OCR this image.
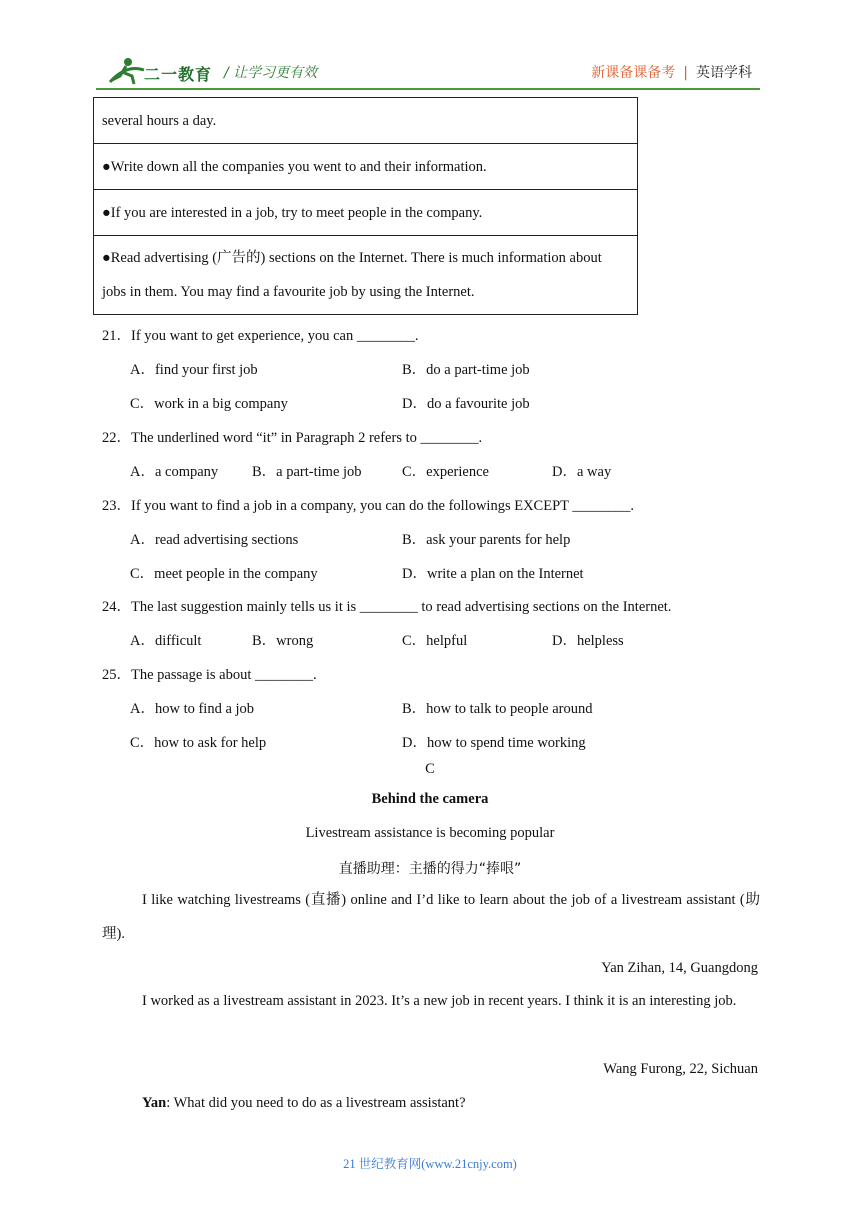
二一教育 / 让学习更有效	新课备课备考 | 英语学科
several hours a day.
●Write down all the companies you went to and their information.
●If you are interested in a job, try to meet people in the company.
●Read advertising (广告的) sections on the Internet. There is much information about jobs in them. You may find a favourite job by using the Internet.
21．If you want to get experience, you can ________.
A．find your first job	B．do a part-time job
C．work in a big company	D．do a favourite job
22．The underlined word “it” in Paragraph 2 refers to ________.
A．a company B．a part-time job	C．experience	D．a way
23．If you want to find a job in a company, you can do the followings EXCEPT ________.
A．read advertising sections	B．ask your parents for help
C．meet people in the company	D．write a plan on the Internet
24．The last suggestion mainly tells us it is ________ to read advertising sections on the Internet.
A．difficult	B．wrong	C．helpful	D．helpless
25．The passage is about ________.
A．how to find a job	B．how to talk to people around
C．how to ask for help	D．how to spend time working
C
Behind the camera
Livestream assistance is becoming popular
直播助理：主播的得力“捧哏”
I like watching livestreams (直播) online and I’d like to learn about the job of a livestream assistant (助理).
Yan Zihan, 14, Guangdong
I worked as a livestream assistant in 2023. It’s a new job in recent years. I think it is an interesting job.
Wang Furong, 22, Sichuan
Yan: What did you need to do as a livestream assistant?
21 世纪教育网(www.21cnjy.com)
